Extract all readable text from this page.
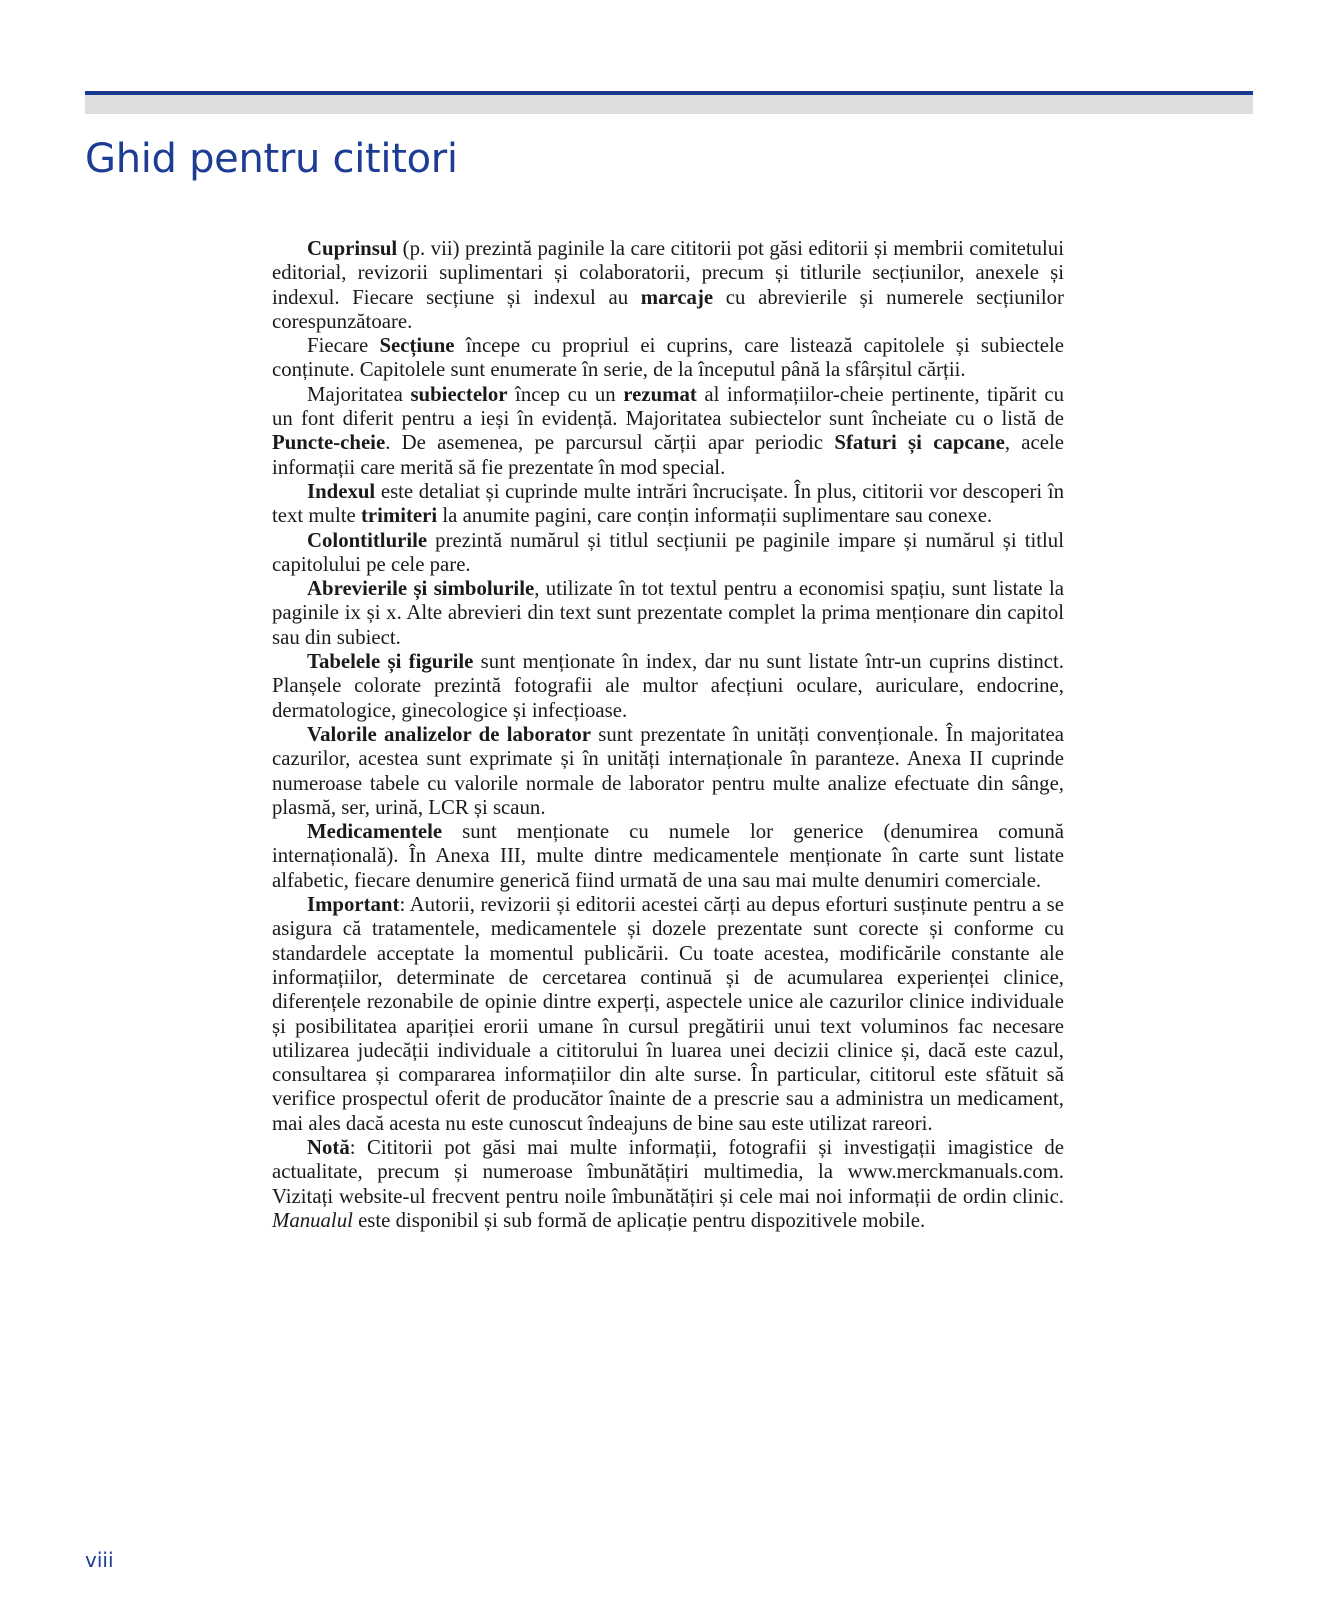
Ghid pentru cititori

Cuprinsul (p. vii) prezintă paginile la care cititorii pot găsi editorii și membrii comitetului editorial, revizorii suplimentari și colaboratorii, precum și titlurile secțiunilor, anexele și indexul. Fiecare secțiune și indexul au marcaje cu abrevierile și numerele secțiunilor corespunzătoare.

Fiecare Secțiune începe cu propriul ei cuprins, care listează capitolele și subiectele conținute. Capitolele sunt enumerate în serie, de la începutul până la sfârșitul cărții.

Majoritatea subiectelor încep cu un rezumat al informațiilor-cheie pertinente, tipărit cu un font diferit pentru a ieși în evidență. Majoritatea subiectelor sunt încheiate cu o listă de Puncte-cheie. De asemenea, pe parcursul cărții apar periodic Sfaturi și capcane, acele informații care merită să fie prezentate în mod special.

Indexul este detaliat și cuprinde multe intrări încrucișate. În plus, cititorii vor descoperi în text multe trimiteri la anumite pagini, care conțin informații suplimentare sau conexe.

Colontitlurile prezintă numărul și titlul secțiunii pe paginile impare și numărul și titlul capitolului pe cele pare.

Abrevierile și simbolurile, utilizate în tot textul pentru a economisi spațiu, sunt listate la paginile ix și x. Alte abrevieri din text sunt prezentate complet la prima menționare din capitol sau din subiect.

Tabelele și figurile sunt menționate în index, dar nu sunt listate într-un cuprins distinct. Planșele colorate prezintă fotografii ale multor afecțiuni oculare, auriculare, endocrine, dermatologice, ginecologice și infecțioase.

Valorile analizelor de laborator sunt prezentate în unități convenționale. În majoritatea cazurilor, acestea sunt exprimate și în unități internaționale în paranteze. Anexa II cuprinde numeroase tabele cu valorile normale de laborator pentru multe analize efectuate din sânge, plasmă, ser, urină, LCR și scaun.

Medicamentele sunt menționate cu numele lor generice (denumirea comună internațională). În Anexa III, multe dintre medicamentele menționate în carte sunt listate alfabetic, fiecare denumire generică fiind urmată de una sau mai multe denumiri comerciale.

Important: Autorii, revizorii și editorii acestei cărți au depus eforturi susținute pentru a se asigura că tratamentele, medicamentele și dozele prezentate sunt corecte și conforme cu standardele acceptate la momentul publicării. Cu toate acestea, modificările constante ale informațiilor, determinate de cercetarea continuă și de acumularea experienței clinice, diferențele rezonabile de opinie dintre experți, aspectele unice ale cazurilor clinice individuale și posibilitatea apariției erorii umane în cursul pregătirii unui text voluminos fac necesare utilizarea judecății individuale a cititorului în luarea unei decizii clinice și, dacă este cazul, consultarea și compararea informațiilor din alte surse. În particular, cititorul este sfătuit să verifice prospectul oferit de producător înainte de a prescrie sau a administra un medicament, mai ales dacă acesta nu este cunoscut îndeajuns de bine sau este utilizat rareori.

Notă: Cititorii pot găsi mai multe informații, fotografii și investigații imagistice de actualitate, precum și numeroase îmbunătățiri multimedia, la www.merckmanuals.com. Vizitați website-ul frecvent pentru noile îmbunătățiri și cele mai noi informații de ordin clinic. Manualul este disponibil și sub formă de aplicație pentru dispozitivele mobile.

viii
